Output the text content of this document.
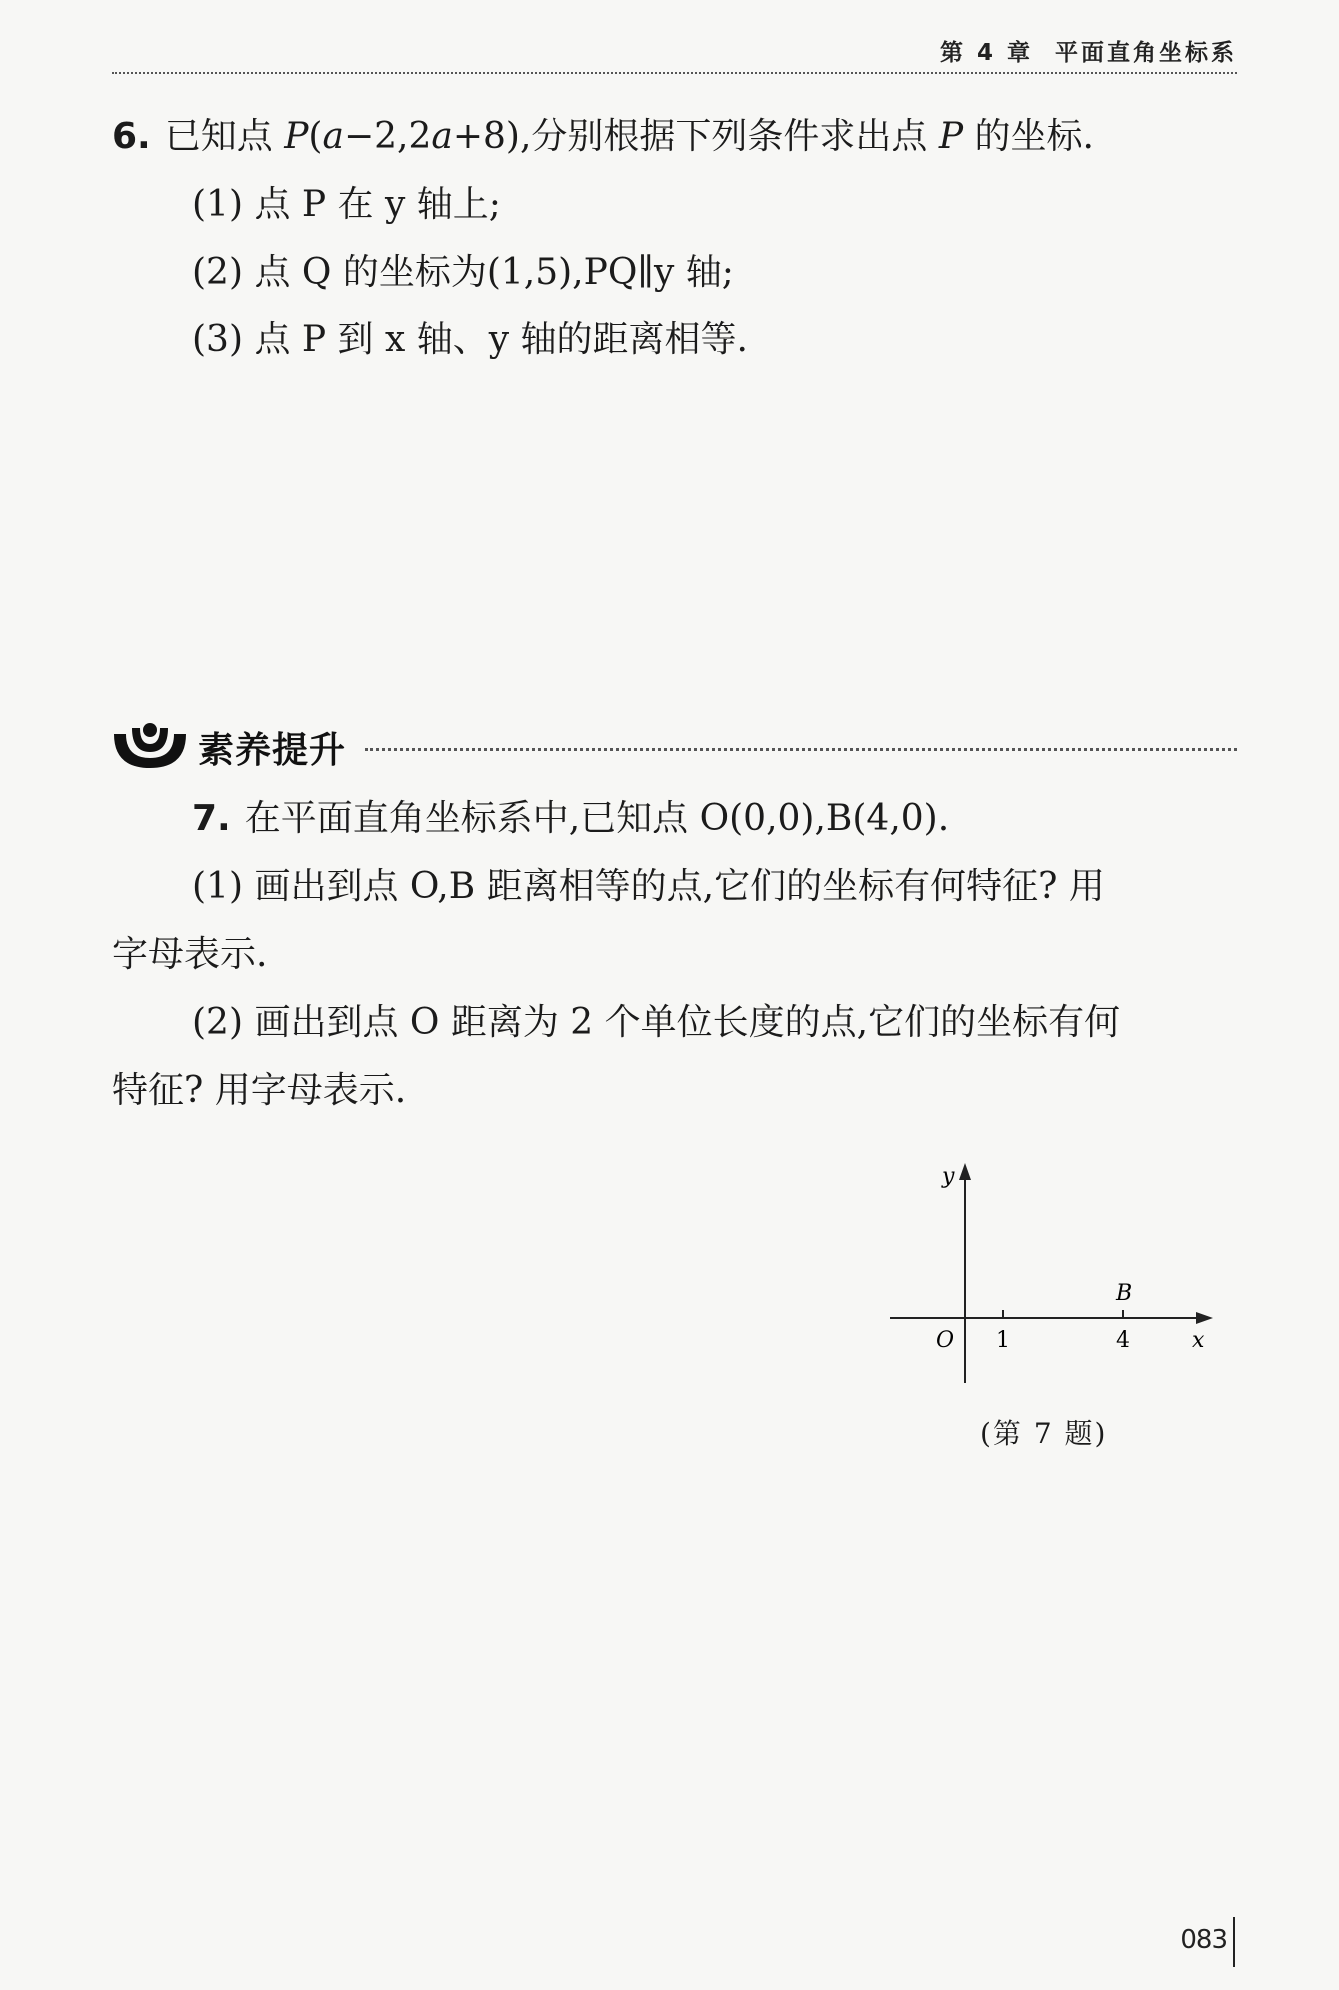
第 4 章 平面直角坐标系
6. 已知点 P(a−2,2a+8),分别根据下列条件求出点 P 的坐标.
(1) 点 P 在 y 轴上;
(2) 点 Q 的坐标为(1,5),PQ∥y 轴;
(3) 点 P 到 x 轴、y 轴的距离相等.
素养提升
7. 在平面直角坐标系中,已知点 O(0,0),B(4,0).
(1) 画出到点 O,B 距离相等的点,它们的坐标有何特征? 用
字母表示.
(2) 画出到点 O 距离为 2 个单位长度的点,它们的坐标有何
特征? 用字母表示.
y
x
O 1	4
B
(第 7 题)
083
